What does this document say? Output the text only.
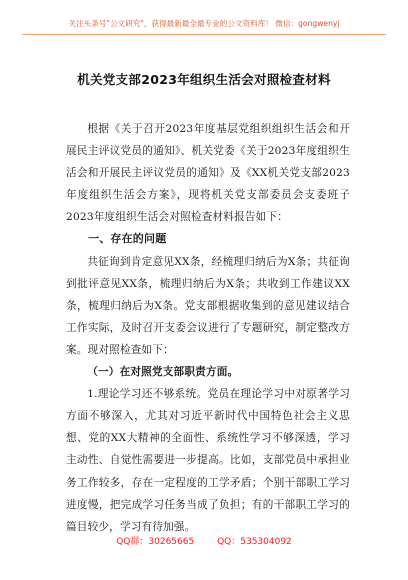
关注头条号"公文研究"，获得最新最全最专业的公文资料库！ 微信：gongwenyj
机关党支部2023年组织生活会对照检查材料

根据《关于召开2023年度基层党组织组织生活会和开展民主评议党员的通知》、机关党委《关于2023年度组织生活会和开展民主评议党员的通知》及《XX机关党支部2023年度组织生活会方案》，现将机关党支部委员会支委班子2023年度组织生活会对照检查材料报告如下：

一、存在的问题

共征询到肯定意见XX条，经梳理归纳后为X条；共征询到批评意见XX条，梳理归纳后为X条；共收到工作建议XX条，梳理归纳后为X条。党支部根据收集到的意见建议结合工作实际，及时召开支委会议进行了专题研究，制定整改方案。现对照检查如下：

（一）在对照党支部职责方面。

1.理论学习还不够系统。党员在理论学习中对原著学习方面不够深入，尤其对习近平新时代中国特色社会主义思想、党的XX大精神的全面性、系统性学习不够深透，学习主动性、自觉性需要进一步提高。比如，支部党员中承担业务工作较多，存在一定程度的工学矛盾；个别干部职工学习进度慢，把完成学习任务当成了负担；有的干部职工学习的篇目较少，学习有待加强。

QQ群：30265665	QQ：535304092
